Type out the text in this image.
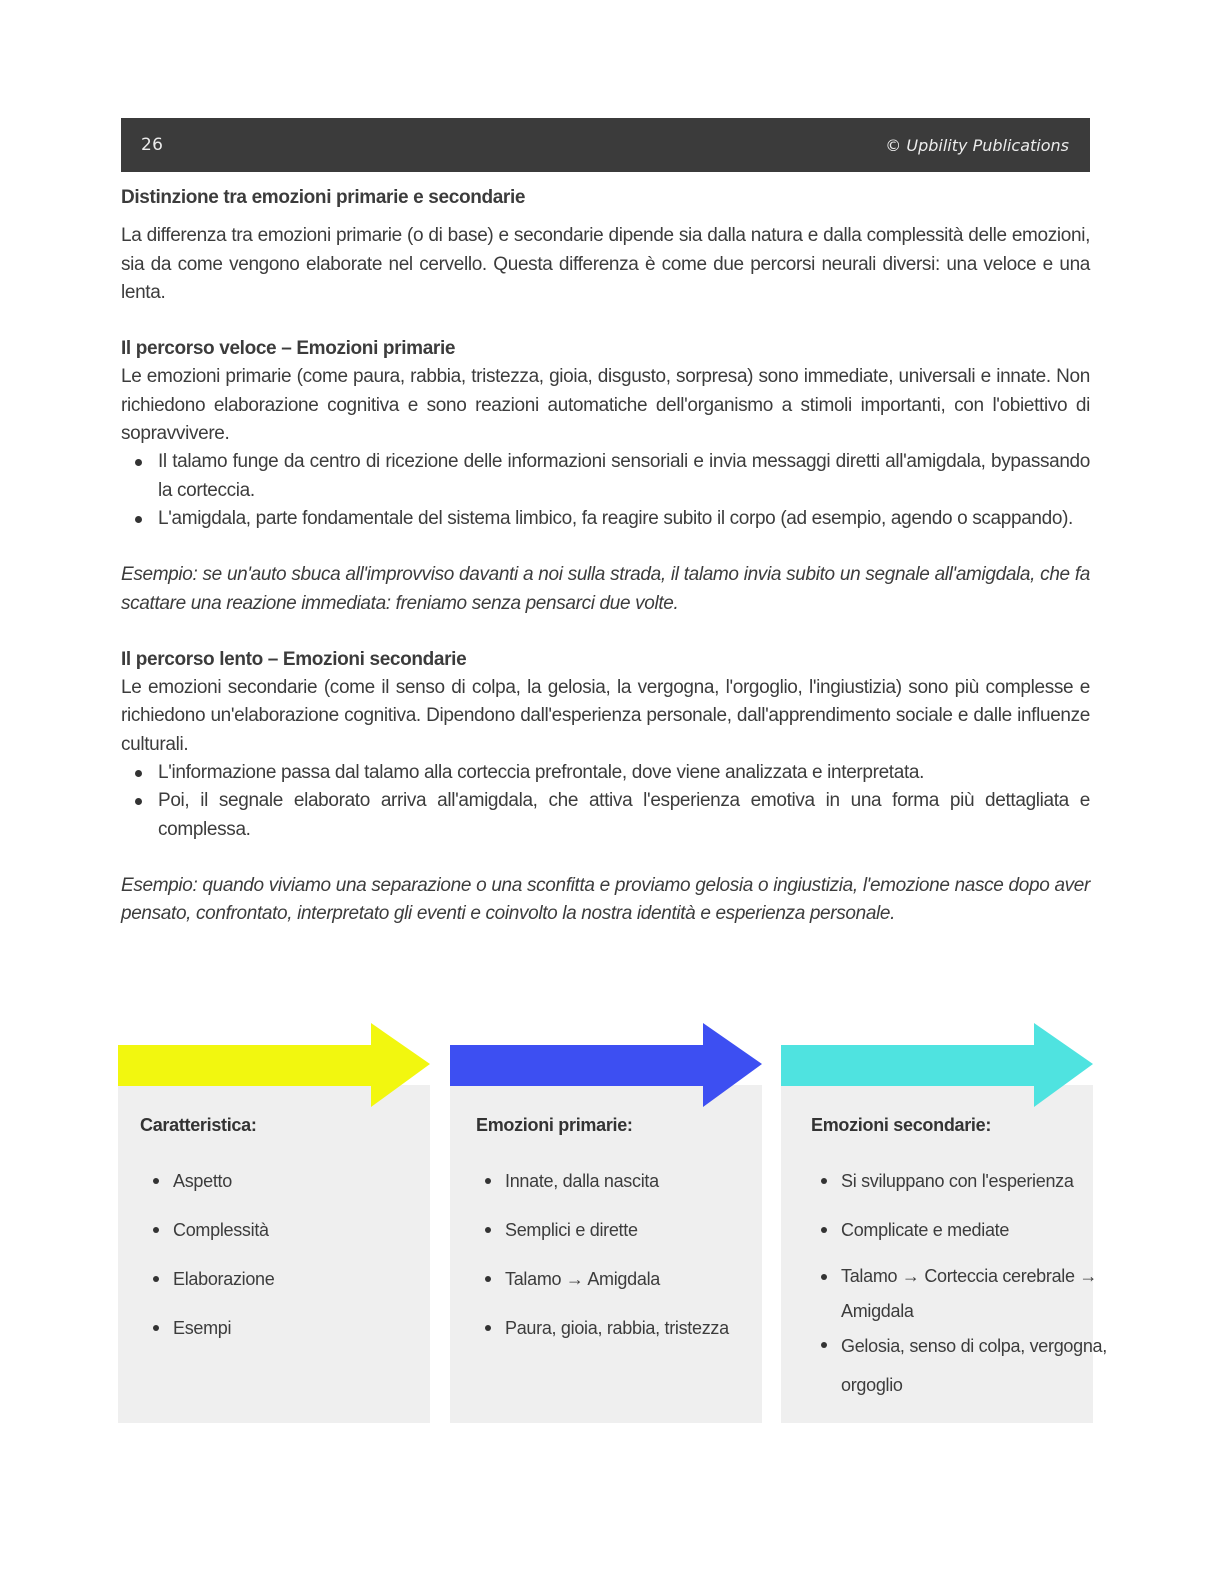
26	© Upbility Publications

Distinzione tra emozioni primarie e secondarie

La differenza tra emozioni primarie (o di base) e secondarie dipende sia dalla natura e dalla complessità delle emozioni, sia da come vengono elaborate nel cervello. Questa differenza è come due percorsi neurali diversi: una veloce e una lenta.

Il percorso veloce – Emozioni primarie

Le emozioni primarie (come paura, rabbia, tristezza, gioia, disgusto, sorpresa) sono immediate, universali e innate. Non richiedono elaborazione cognitiva e sono reazioni automatiche dell'organismo a stimoli importanti, con l'obiettivo di sopravvivere.

Il talamo funge da centro di ricezione delle informazioni sensoriali e invia messaggi diretti all'amigdala, bypassando la corteccia.
L'amigdala, parte fondamentale del sistema limbico, fa reagire subito il corpo (ad esempio, agendo o scappando).

Esempio: se un'auto sbuca all'improvviso davanti a noi sulla strada, il talamo invia subito un segnale all'amigdala, che fa scattare una reazione immediata: freniamo senza pensarci due volte.

Il percorso lento – Emozioni secondarie

Le emozioni secondarie (come il senso di colpa, la gelosia, la vergogna, l'orgoglio, l'ingiustizia) sono più complesse e richiedono un'elaborazione cognitiva. Dipendono dall'esperienza personale, dall'apprendimento sociale e dalle influenze culturali.

L'informazione passa dal talamo alla corteccia prefrontale, dove viene analizzata e interpretata.
Poi, il segnale elaborato arriva all'amigdala, che attiva l'esperienza emotiva in una forma più dettagliata e complessa.

Esempio: quando viviamo una separazione o una sconfitta e proviamo gelosia o ingiustizia, l'emozione nasce dopo aver pensato, confrontato, interpretato gli eventi e coinvolto la nostra identità e esperienza personale.

Caratteristica:
Aspetto
Complessità
Elaborazione
Esempi
Emozioni primarie:
Innate, dalla nascita
Semplici e dirette
Talamo → Amigdala
Paura, gioia, rabbia, tristezza
Emozioni secondarie:
Si sviluppano con l'esperienza
Complicate e mediate
Talamo → Corteccia cerebrale → Amigdala
Gelosia, senso di colpa, vergogna, orgoglio
